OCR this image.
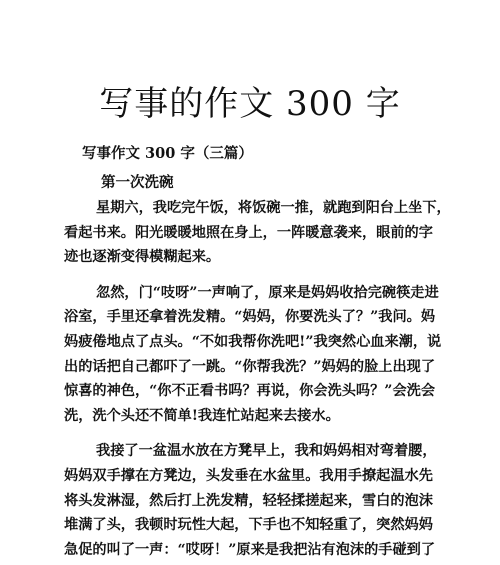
写事的作文 300 字
写事作文 300 字（三篇）
第一次洗碗
星期六，我吃完午饭，将饭碗一推，就跑到阳台上坐下，
看起书来。阳光暖暖地照在身上，一阵暖意袭来，眼前的字
迹也逐渐变得模糊起来。
忽然，门“吱呀”一声响了，原来是妈妈收拾完碗筷走进
浴室，手里还拿着洗发精。“妈妈，你要洗头了？”我问。妈
妈疲倦地点了点头。“不如我帮你洗吧!”我突然心血来潮，说
出的话把自己都吓了一跳。“你帮我洗？”妈妈的脸上出现了
惊喜的神色，“你不正看书吗？再说，你会洗头吗？”会洗会
洗，洗个头还不简单!我连忙站起来去接水。
我接了一盆温水放在方凳早上，我和妈妈相对弯着腰，
妈妈双手撑在方凳边，头发垂在水盆里。我用手撩起温水先
将头发淋湿，然后打上洗发精，轻轻揉搓起来，雪白的泡沫
堆满了头，我顿时玩性大起，下手也不知轻重了，突然妈妈
急促的叫了一声：“哎呀！”原来是我把沾有泡沫的手碰到了
